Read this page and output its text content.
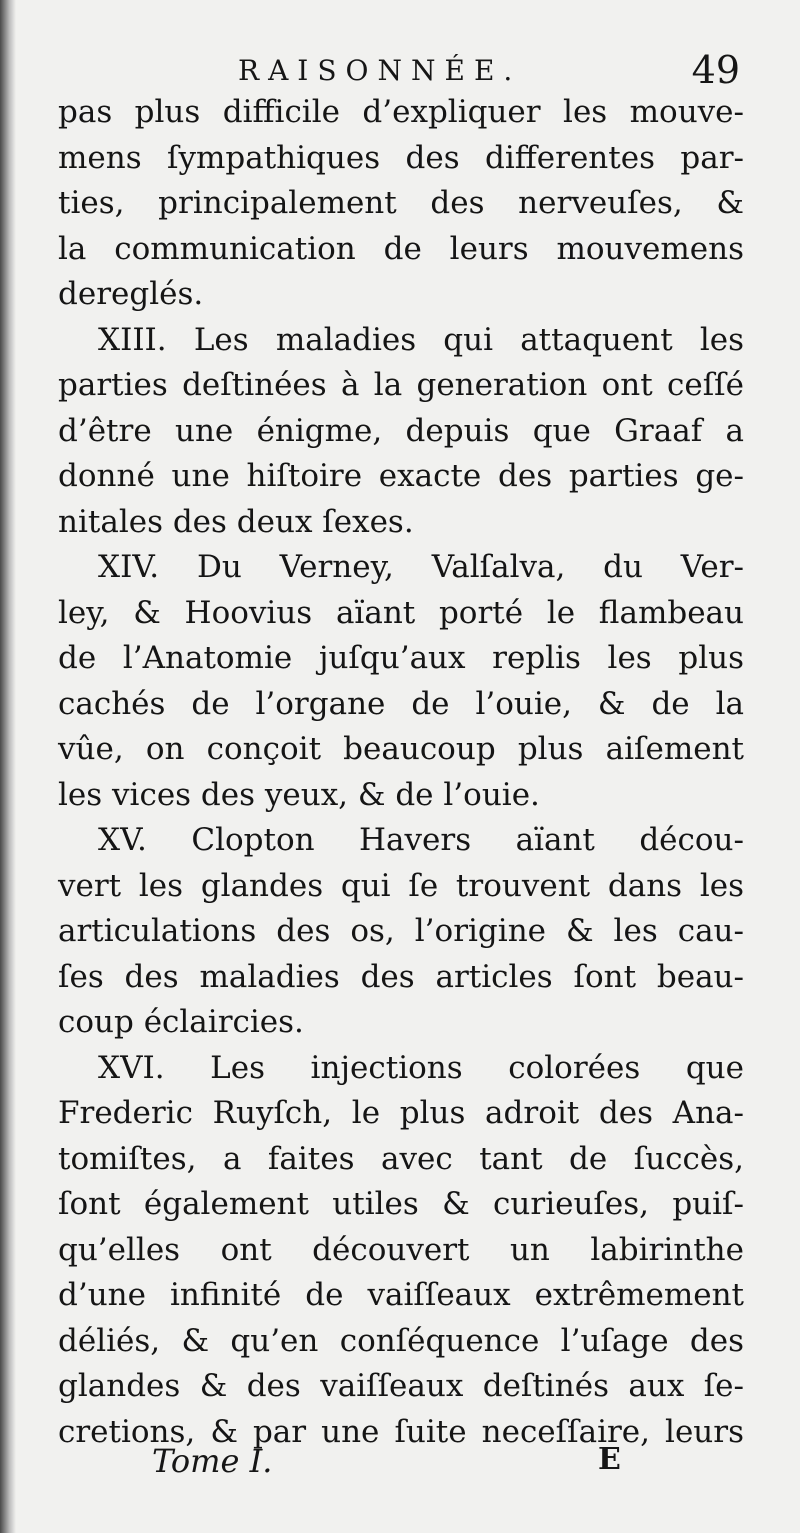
RAISONNÉE.	49
pas plus difficile d’expliquer les mouve-
mens ſympathiques des differentes par-
ties, principalement des nerveuſes, &
la communication de leurs mouvemens
dereglés.
XIII. Les maladies qui attaquent les
parties deſtinées à la generation ont ceſſé
d’être une énigme, depuis que Graaf a
donné une hiſtoire exacte des parties ge-
nitales des deux ſexes.
XIV. Du Verney, Valſalva, du Ver-
ley, & Hoovius aïant porté le flambeau
de l’Anatomie juſqu’aux replis les plus
cachés de l’organe de l’ouie, & de la
vûe, on conçoit beaucoup plus aiſement
les vices des yeux, & de l’ouie.
XV. Clopton Havers aïant décou-
vert les glandes qui ſe trouvent dans les
articulations des os, l’origine & les cau-
ſes des maladies des articles ſont beau-
coup éclaircies.
XVI. Les injections colorées que
Frederic Ruyſch, le plus adroit des Ana-
tomiſtes, a faites avec tant de ſuccès,
ſont également utiles & curieuſes, puiſ-
qu’elles ont découvert un labirinthe
d’une infinité de vaiſſeaux extrêmement
déliés, & qu’en conſéquence l’uſage des
glandes & des vaiſſeaux deſtinés aux ſe-
cretions, & par une ſuite neceſſaire, leurs
Tome I.	E
